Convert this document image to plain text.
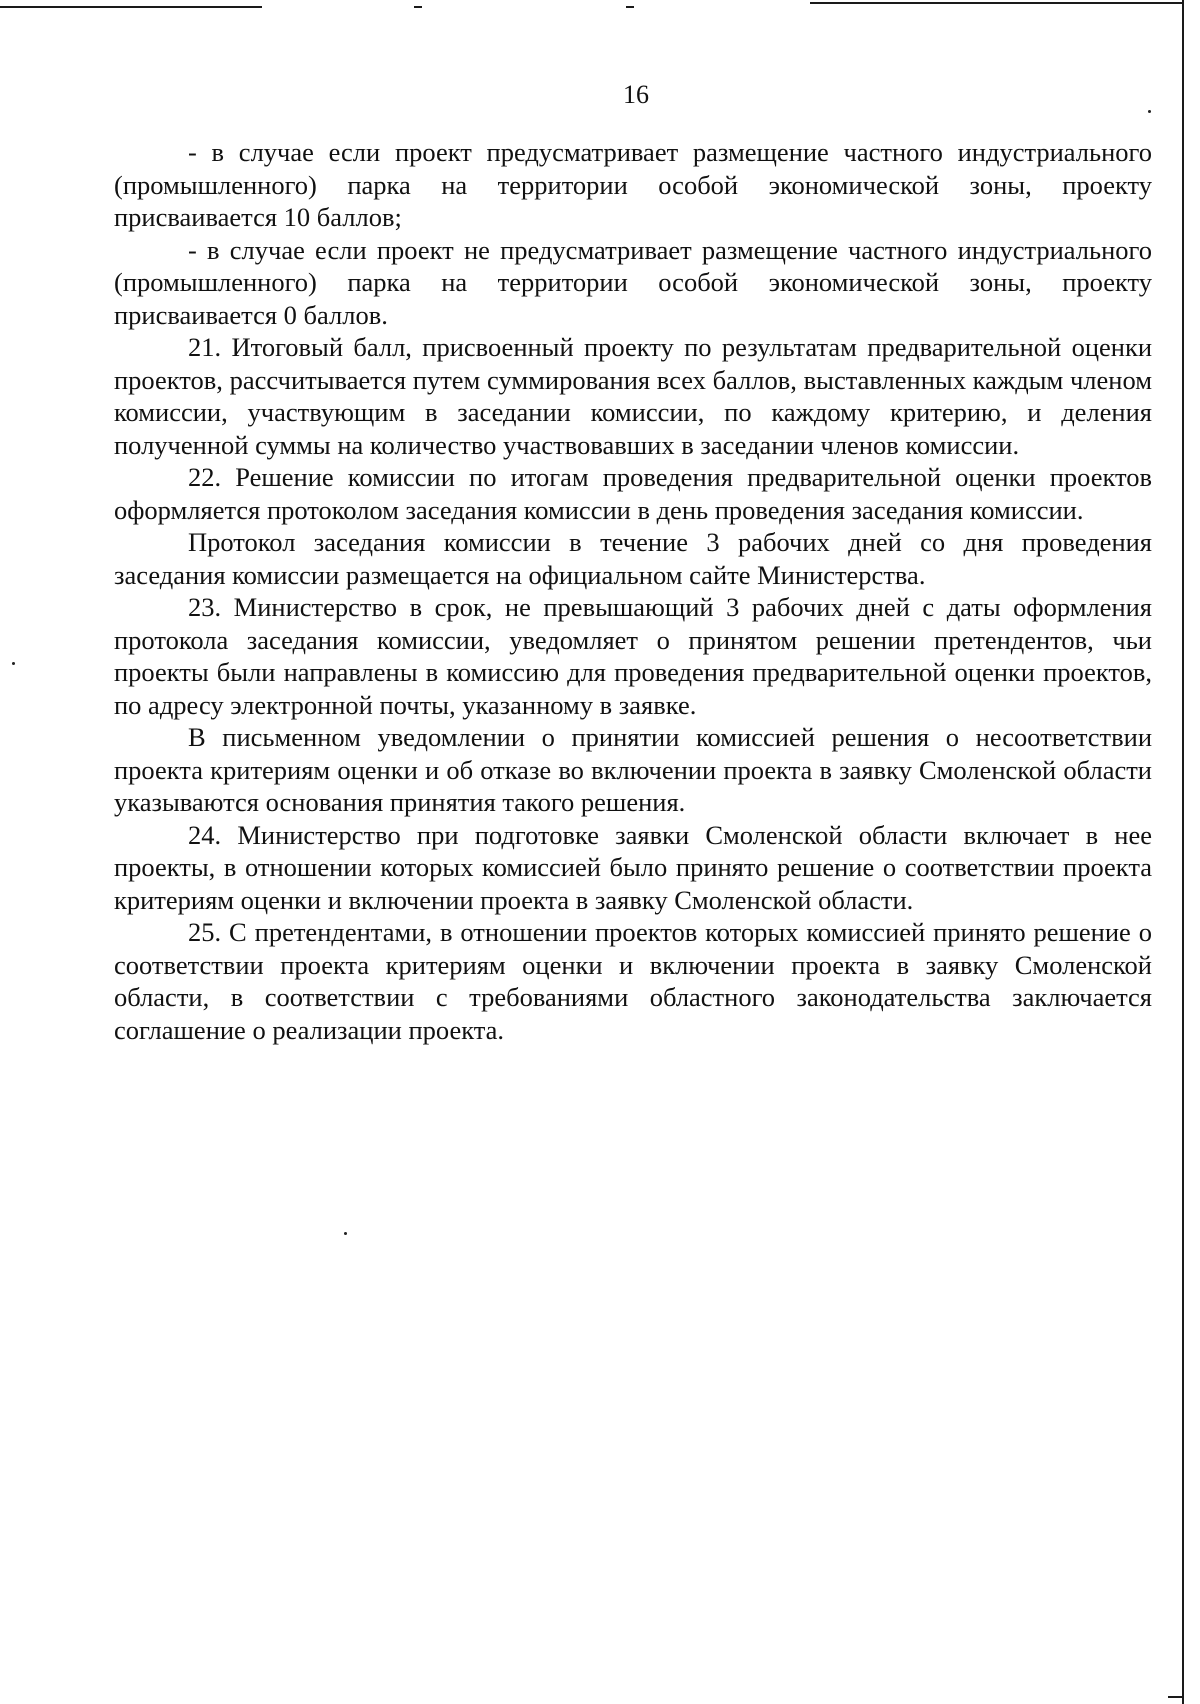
16

- в случае если проект предусматривает размещение частного индустриального (промышленного) парка на территории особой экономической зоны, проекту присваивается 10 баллов;

- в случае если проект не предусматривает размещение частного индустриального (промышленного) парка на территории особой экономической зоны, проекту присваивается 0 баллов.

21. Итоговый балл, присвоенный проекту по результатам предварительной оценки проектов, рассчитывается путем суммирования всех баллов, выставленных каждым членом комиссии, участвующим в заседании комиссии, по каждому критерию, и деления полученной суммы на количество участвовавших в заседании членов комиссии.

22. Решение комиссии по итогам проведения предварительной оценки проектов оформляется протоколом заседания комиссии в день проведения заседания комиссии.

Протокол заседания комиссии в течение 3 рабочих дней со дня проведения заседания комиссии размещается на официальном сайте Министерства.

23. Министерство в срок, не превышающий 3 рабочих дней с даты оформления протокола заседания комиссии, уведомляет о принятом решении претендентов, чьи проекты были направлены в комиссию для проведения предварительной оценки проектов, по адресу электронной почты, указанному в заявке.

В письменном уведомлении о принятии комиссией решения о несоответствии проекта критериям оценки и об отказе во включении проекта в заявку Смоленской области указываются основания принятия такого решения.

24. Министерство при подготовке заявки Смоленской области включает в нее проекты, в отношении которых комиссией было принято решение о соответствии проекта критериям оценки и включении проекта в заявку Смоленской области.

25. С претендентами, в отношении проектов которых комиссией принято решение о соответствии проекта критериям оценки и включении проекта в заявку Смоленской области, в соответствии с требованиями областного законодательства заключается соглашение о реализации проекта.
